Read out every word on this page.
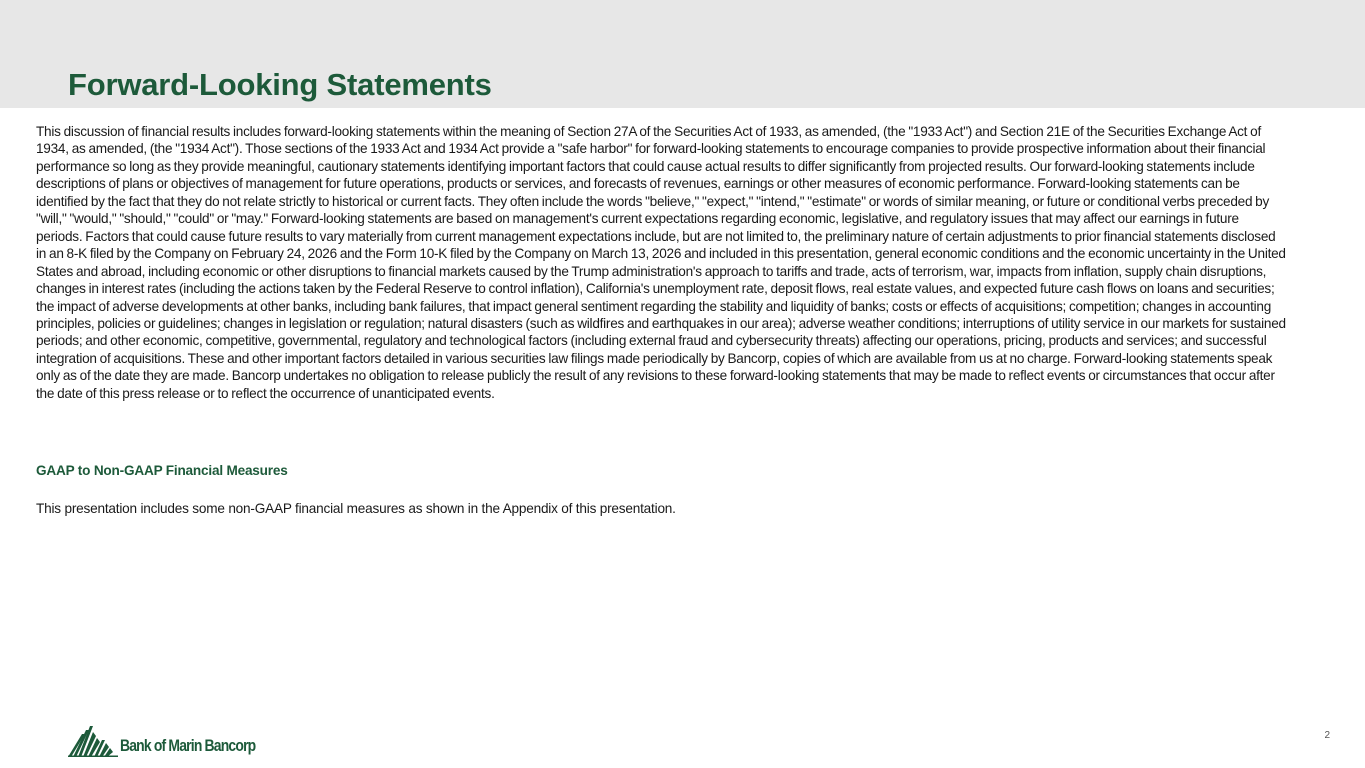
Forward-Looking Statements

This discussion of financial results includes forward-looking statements within the meaning of Section 27A of the Securities Act of 1933, as amended, (the "1933 Act") and Section 21E of the Securities Exchange Act of 1934, as amended, (the "1934 Act"). Those sections of the 1933 Act and 1934 Act provide a "safe harbor" for forward-looking statements to encourage companies to provide prospective information about their financial performance so long as they provide meaningful, cautionary statements identifying important factors that could cause actual results to differ significantly from projected results. Our forward-looking statements include descriptions of plans or objectives of management for future operations, products or services, and forecasts of revenues, earnings or other measures of economic performance. Forward-looking statements can be identified by the fact that they do not relate strictly to historical or current facts. They often include the words "believe," "expect," "intend," "estimate" or words of similar meaning, or future or conditional verbs preceded by "will," "would," "should," "could" or "may." Forward-looking statements are based on management's current expectations regarding economic, legislative, and regulatory issues that may affect our earnings in future periods. Factors that could cause future results to vary materially from current management expectations include, but are not limited to, the preliminary nature of certain adjustments to prior financial statements disclosed in an 8-K filed by the Company on February 24, 2026 and the Form 10-K filed by the Company on March 13, 2026 and included in this presentation, general economic conditions and the economic uncertainty in the United States and abroad, including economic or other disruptions to financial markets caused by the Trump administration's approach to tariffs and trade, acts of terrorism, war, impacts from inflation, supply chain disruptions, changes in interest rates (including the actions taken by the Federal Reserve to control inflation), California's unemployment rate, deposit flows, real estate values, and expected future cash flows on loans and securities; the impact of adverse developments at other banks, including bank failures, that impact general sentiment regarding the stability and liquidity of banks; costs or effects of acquisitions; competition; changes in accounting principles, policies or guidelines; changes in legislation or regulation; natural disasters (such as wildfires and earthquakes in our area); adverse weather conditions; interruptions of utility service in our markets for sustained periods; and other economic, competitive, governmental, regulatory and technological factors (including external fraud and cybersecurity threats) affecting our operations, pricing, products and services; and successful integration of acquisitions. These and other important factors detailed in various securities law filings made periodically by Bancorp, copies of which are available from us at no charge. Forward-looking statements speak only as of the date they are made. Bancorp undertakes no obligation to release publicly the result of any revisions to these forward-looking statements that may be made to reflect events or circumstances that occur after the date of this press release or to reflect the occurrence of unanticipated events.

GAAP to Non-GAAP Financial Measures

This presentation includes some non-GAAP financial measures as shown in the Appendix of this presentation.

Bank of Marin Bancorp
2
